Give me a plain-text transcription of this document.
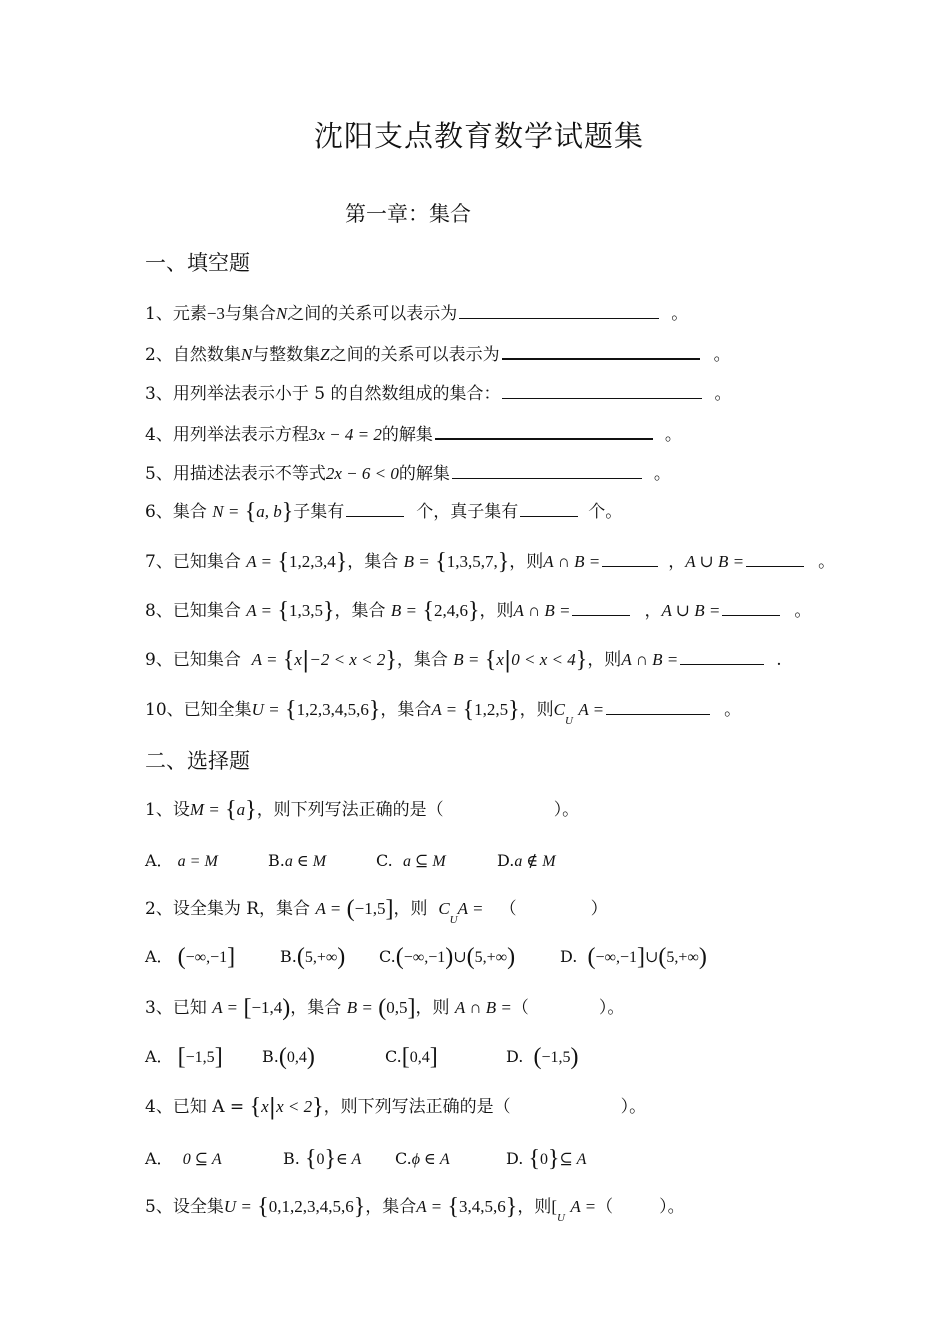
沈阳支点教育数学试题集
第一章：集合
一、填空题
1、元素−3与集合N之间的关系可以表示为	。
2、自然数集N与整数集Z之间的关系可以表示为	。
3、用列举法表示小于 5 的自然数组成的集合：	。
4、用列举法表示方程3x − 4 = 2的解集	。
5、用描述法表示不等式2x − 6 < 0的解集	。
6、集合 N = {a, b}子集有	个，真子集有	个。
7、已知集合 A = {1,2,3,4}，集合 B = {1,3,5,7,}，则A ∩ B =	，A ∪ B =	。
8、已知集合 A = {1,3,5}，集合 B = {2,4,6}，则A ∩ B =	，A ∪ B =	。
9、已知集合 A = {x|−2 < x < 2}，集合 B = {x|0 < x < 4}，则A ∩ B =	.
10、已知全集U = {1,2,3,4,5,6}，集合A = {1,2,5}，则$C_U$ A =	。
二、选择题
1、设M = {a}，则下列写法正确的是（	）。
A． a = M	B.a ∈ M	C. a ⊆ M	D.a ∉ M
2、设全集为 R，集合 A = (−1,5]，则 $C_UA$ = （	）
A． (−∞,−1]	B.(5,+∞) C.(−∞,−1)∪(5,+∞)	D. (−∞,−1]∪(5,+∞)
3、已知 A = [−1,4)，集合 B = (0,5]，则 A ∩ B =（	）。
A． [−1,5] B.(0,4)	C.[0,4]	D. (−1,5)
4、已知 A = {x|x < 2}，则下列写法正确的是（	）。
A． 0 ⊆ A	B. {0}∈ A C.ϕ ∈ A	D. {0}⊆ A
5、设全集U = {0,1,2,3,4,5,6}，集合A = {3,4,5,6}，则[$_U$ A =（	）。
